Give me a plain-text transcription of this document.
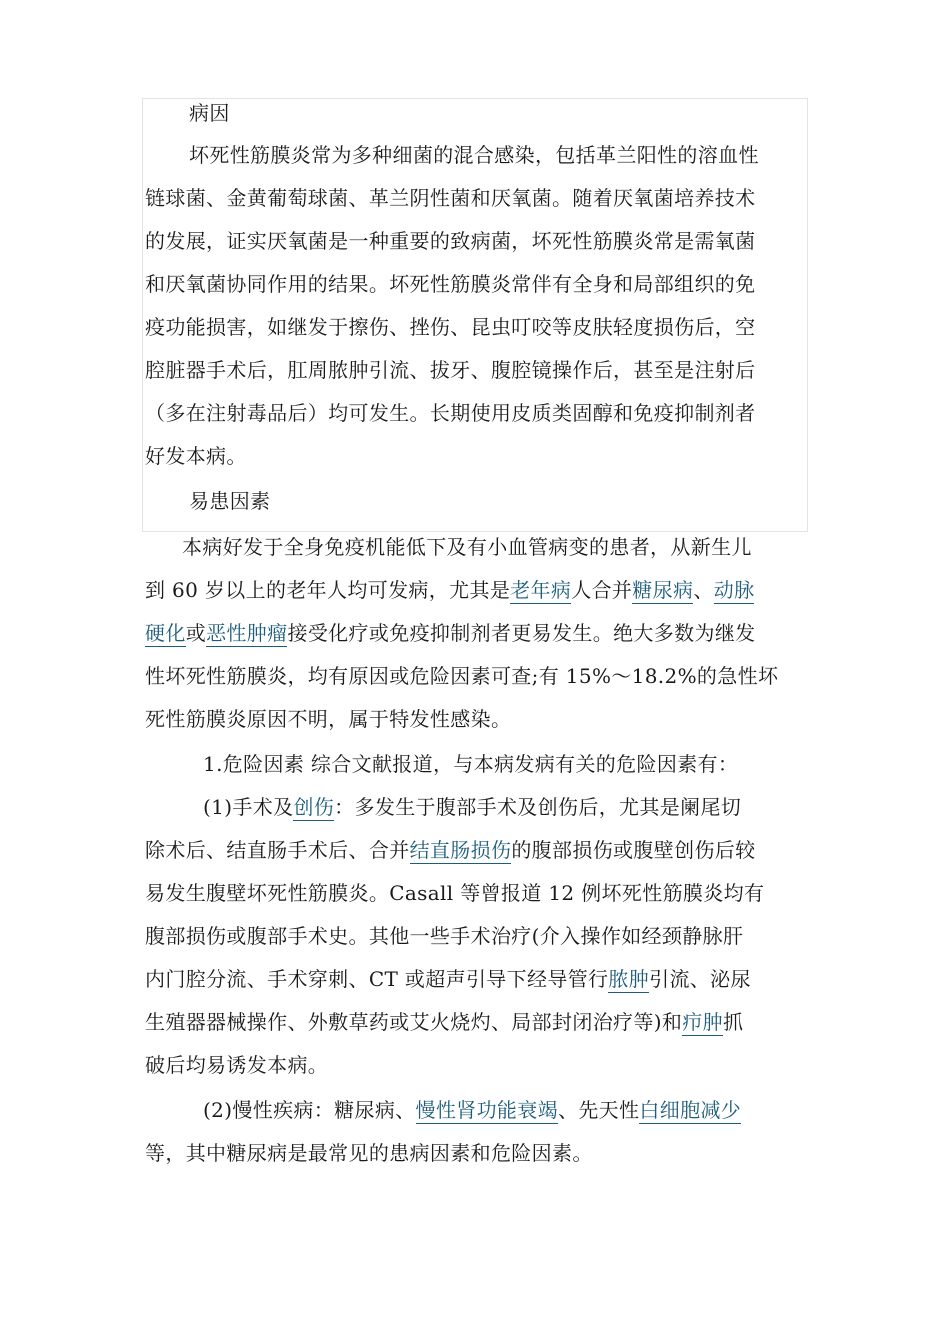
病因
坏死性筋膜炎常为多种细菌的混合感染，包括革兰阳性的溶血性
链球菌、金黄葡萄球菌、革兰阴性菌和厌氧菌。随着厌氧菌培养技术
的发展，证实厌氧菌是一种重要的致病菌，坏死性筋膜炎常是需氧菌
和厌氧菌协同作用的结果。坏死性筋膜炎常伴有全身和局部组织的免
疫功能损害，如继发于擦伤、挫伤、昆虫叮咬等皮肤轻度损伤后，空
腔脏器手术后，肛周脓肿引流、拔牙、腹腔镜操作后，甚至是注射后
（多在注射毒品后）均可发生。长期使用皮质类固醇和免疫抑制剂者
好发本病。
易患因素
本病好发于全身免疫机能低下及有小血管病变的患者，从新生儿
到 60 岁以上的老年人均可发病，尤其是老年病人合并糖尿病、动脉
硬化或恶性肿瘤接受化疗或免疫抑制剂者更易发生。绝大多数为继发
性坏死性筋膜炎，均有原因或危险因素可查;有 15%～18.2%的急性坏
死性筋膜炎原因不明，属于特发性感染。
1.危险因素 综合文献报道，与本病发病有关的危险因素有：
(1)手术及创伤：多发生于腹部手术及创伤后，尤其是阑尾切
除术后、结直肠手术后、合并结直肠损伤的腹部损伤或腹壁创伤后较
易发生腹壁坏死性筋膜炎。Casall 等曾报道 12 例坏死性筋膜炎均有
腹部损伤或腹部手术史。其他一些手术治疗(介入操作如经颈静脉肝
内门腔分流、手术穿刺、CT 或超声引导下经导管行脓肿引流、泌尿
生殖器器械操作、外敷草药或艾火烧灼、局部封闭治疗等)和疖肿抓
破后均易诱发本病。
(2)慢性疾病：糖尿病、慢性肾功能衰竭、先天性白细胞减少
等，其中糖尿病是最常见的患病因素和危险因素。
